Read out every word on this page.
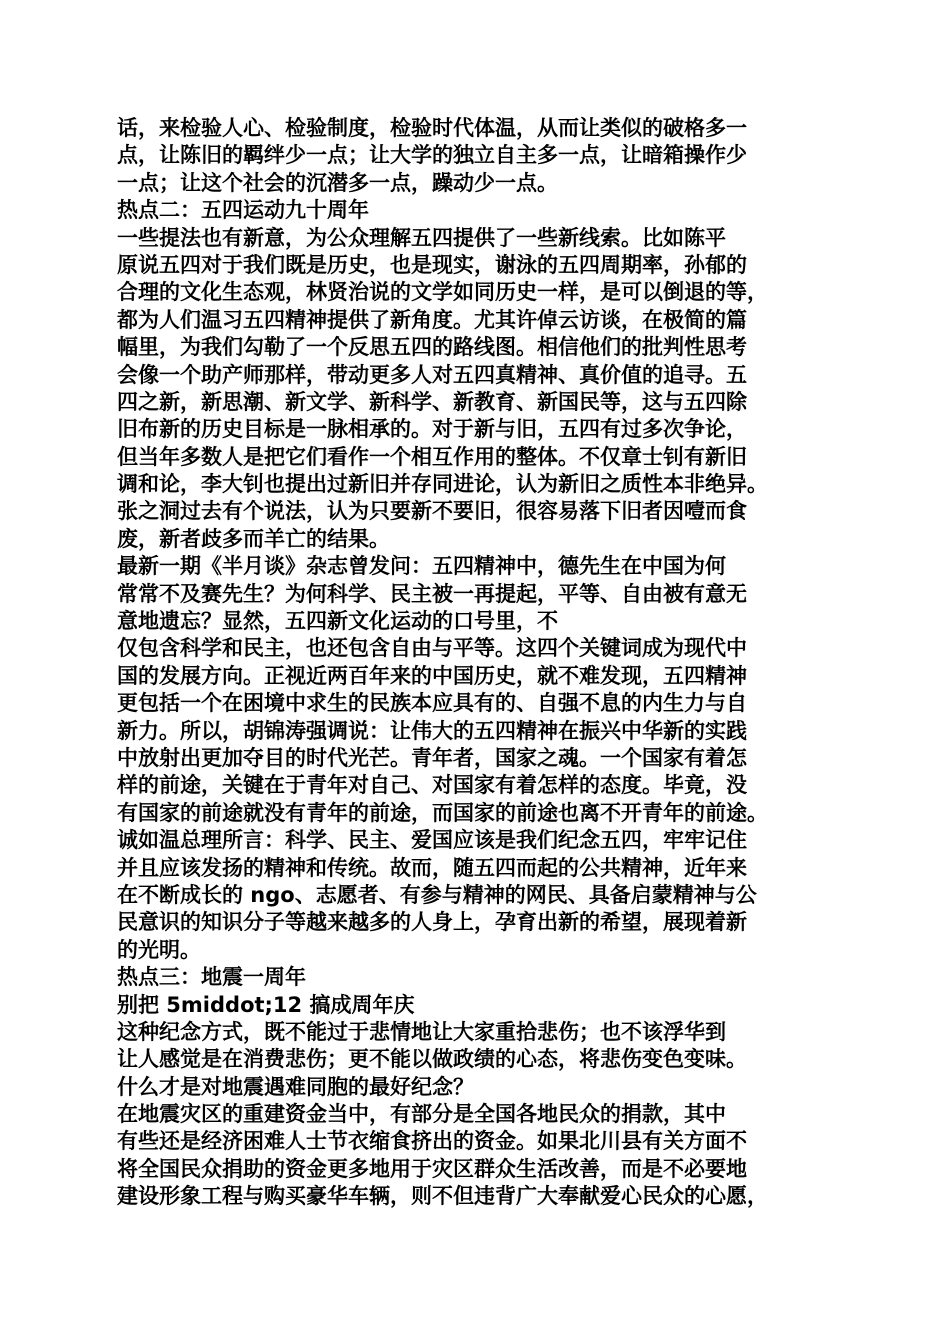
话，来检验人心、检验制度，检验时代体温，从而让类似的破格多一
点，让陈旧的羁绊少一点；让大学的独立自主多一点，让暗箱操作少
一点；让这个社会的沉潜多一点，躁动少一点。
热点二：五四运动九十周年
一些提法也有新意，为公众理解五四提供了一些新线索。比如陈平
原说五四对于我们既是历史，也是现实，谢泳的五四周期率，孙郁的
合理的文化生态观，林贤治说的文学如同历史一样，是可以倒退的等，
都为人们温习五四精神提供了新角度。尤其许倬云访谈，在极简的篇
幅里，为我们勾勒了一个反思五四的路线图。相信他们的批判性思考
会像一个助产师那样，带动更多人对五四真精神、真价值的追寻。五
四之新，新思潮、新文学、新科学、新教育、新国民等，这与五四除
旧布新的历史目标是一脉相承的。对于新与旧，五四有过多次争论，
但当年多数人是把它们看作一个相互作用的整体。不仅章士钊有新旧
调和论，李大钊也提出过新旧并存同进论，认为新旧之质性本非绝异。
张之洞过去有个说法，认为只要新不要旧，很容易落下旧者因噎而食
废，新者歧多而羊亡的结果。
最新一期《半月谈》杂志曾发问：五四精神中，德先生在中国为何
常常不及赛先生？为何科学、民主被一再提起，平等、自由被有意无
意地遗忘？显然，五四新文化运动的口号里，不
仅包含科学和民主，也还包含自由与平等。这四个关键词成为现代中
国的发展方向。正视近两百年来的中国历史，就不难发现，五四精神
更包括一个在困境中求生的民族本应具有的、自强不息的内生力与自
新力。所以，胡锦涛强调说：让伟大的五四精神在振兴中华新的实践
中放射出更加夺目的时代光芒。青年者，国家之魂。一个国家有着怎
样的前途，关键在于青年对自己、对国家有着怎样的态度。毕竟，没
有国家的前途就没有青年的前途，而国家的前途也离不开青年的前途。
诚如温总理所言：科学、民主、爱国应该是我们纪念五四，牢牢记住
并且应该发扬的精神和传统。故而，随五四而起的公共精神，近年来
在不断成长的 ngo、志愿者、有参与精神的网民、具备启蒙精神与公
民意识的知识分子等越来越多的人身上，孕育出新的希望，展现着新
的光明。
热点三：地震一周年
别把 5middot;12 搞成周年庆
这种纪念方式，既不能过于悲情地让大家重拾悲伤；也不该浮华到
让人感觉是在消费悲伤；更不能以做政绩的心态，将悲伤变色变味。
什么才是对地震遇难同胞的最好纪念？
在地震灾区的重建资金当中，有部分是全国各地民众的捐款，其中
有些还是经济困难人士节衣缩食挤出的资金。如果北川县有关方面不
将全国民众捐助的资金更多地用于灾区群众生活改善，而是不必要地
建设形象工程与购买豪华车辆，则不但违背广大奉献爱心民众的心愿，
